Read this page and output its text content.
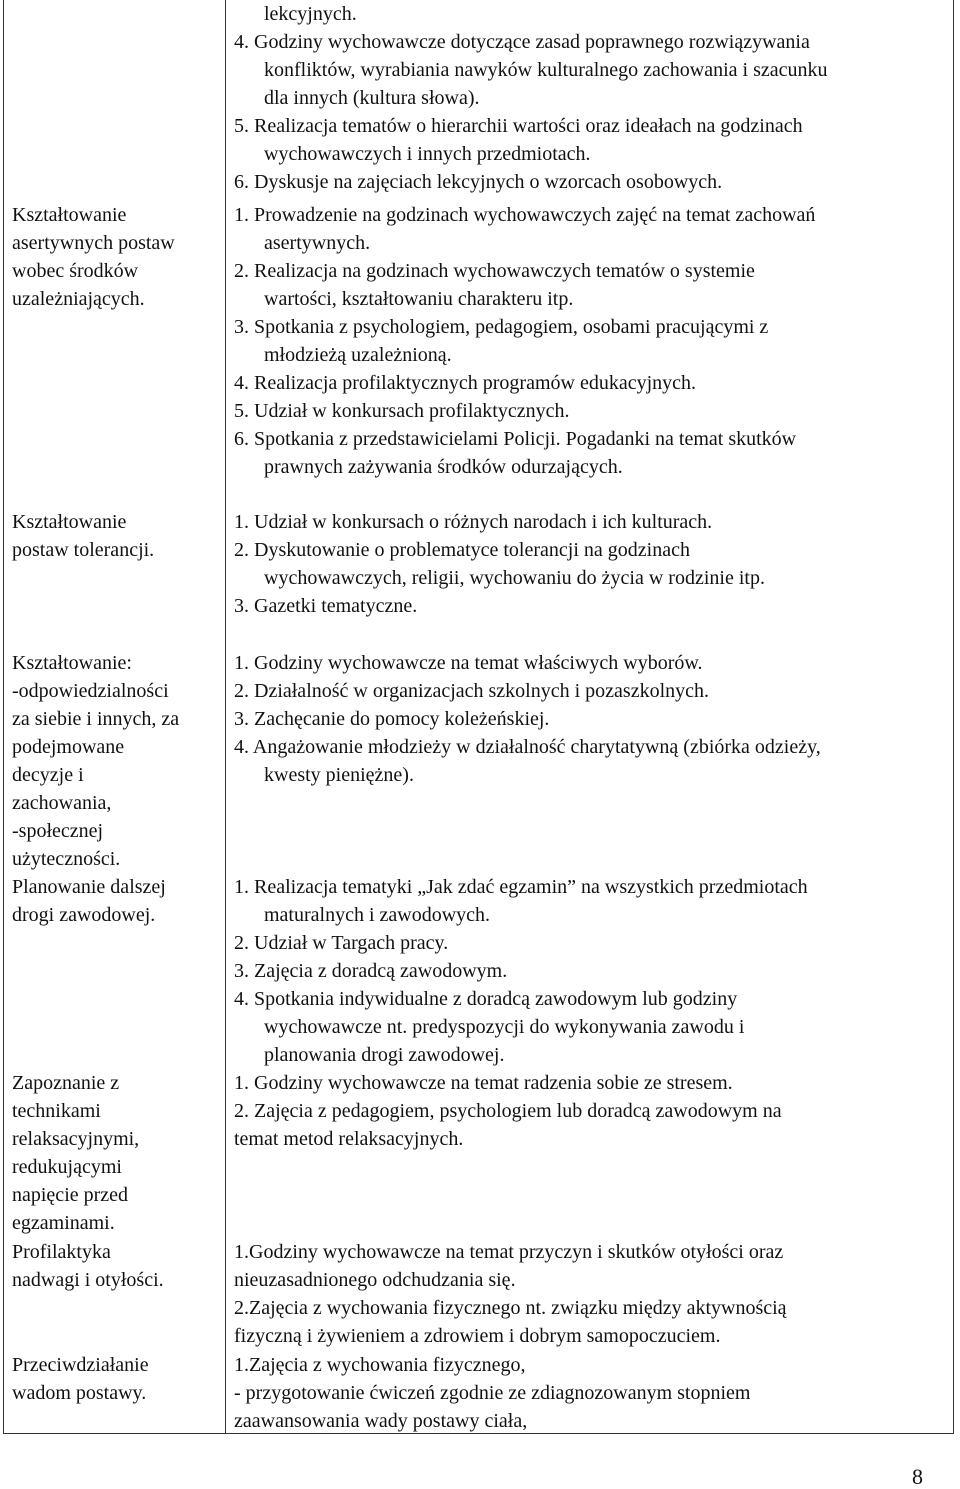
lekcyjnych.
4. Godziny wychowawcze dotyczące zasad poprawnego rozwiązywania
konfliktów, wyrabiania nawyków kulturalnego zachowania i szacunku
dla innych (kultura słowa).
5. Realizacja tematów o hierarchii wartości oraz ideałach na godzinach
wychowawczych i innych przedmiotach.
6. Dyskusje na zajęciach lekcyjnych o wzorcach osobowych.
Kształtowanie
asertywnych postaw
wobec środków
uzależniających.
1. Prowadzenie na godzinach wychowawczych zajęć na temat zachowań
asertywnych.
2. Realizacja na godzinach wychowawczych tematów o systemie
wartości, kształtowaniu charakteru itp.
3. Spotkania z psychologiem, pedagogiem, osobami pracującymi z
młodzieżą uzależnioną.
4. Realizacja profilaktycznych programów edukacyjnych.
5. Udział w konkursach profilaktycznych.
6. Spotkania z przedstawicielami Policji. Pogadanki na temat skutków
prawnych zażywania środków odurzających.
Kształtowanie
postaw tolerancji.
1. Udział w konkursach o różnych narodach i ich kulturach.
2. Dyskutowanie o problematyce tolerancji na godzinach
wychowawczych, religii, wychowaniu do życia w rodzinie itp.
3. Gazetki tematyczne.
Kształtowanie:
-odpowiedzialności
za siebie i innych, za
podejmowane
decyzje i
zachowania,
-społecznej
użyteczności.
1. Godziny wychowawcze na temat właściwych wyborów.
2. Działalność w organizacjach szkolnych i pozaszkolnych.
3. Zachęcanie do pomocy koleżeńskiej.
4. Angażowanie młodzieży w działalność charytatywną (zbiórka odzieży,
kwesty pieniężne).
Planowanie dalszej
drogi zawodowej.
1. Realizacja tematyki „Jak zdać egzamin” na wszystkich przedmiotach
maturalnych i zawodowych.
2. Udział w Targach pracy.
3. Zajęcia z doradcą zawodowym.
4. Spotkania indywidualne z doradcą zawodowym lub godziny
wychowawcze nt. predyspozycji do wykonywania zawodu i
planowania drogi zawodowej.
Zapoznanie z
technikami
relaksacyjnymi,
redukującymi
napięcie przed
egzaminami.
1. Godziny wychowawcze na temat radzenia sobie ze stresem.
2. Zajęcia z pedagogiem, psychologiem lub doradcą zawodowym na
temat metod relaksacyjnych.
Profilaktyka
nadwagi i otyłości.
1.Godziny wychowawcze na temat przyczyn i skutków otyłości oraz
nieuzasadnionego odchudzania się.
2.Zajęcia z wychowania fizycznego nt. związku między aktywnością
fizyczną i żywieniem a zdrowiem i dobrym samopoczuciem.
Przeciwdziałanie
wadom postawy.
1.Zajęcia z wychowania fizycznego,
- przygotowanie ćwiczeń zgodnie ze zdiagnozowanym stopniem
zaawansowania wady postawy ciała,
8
